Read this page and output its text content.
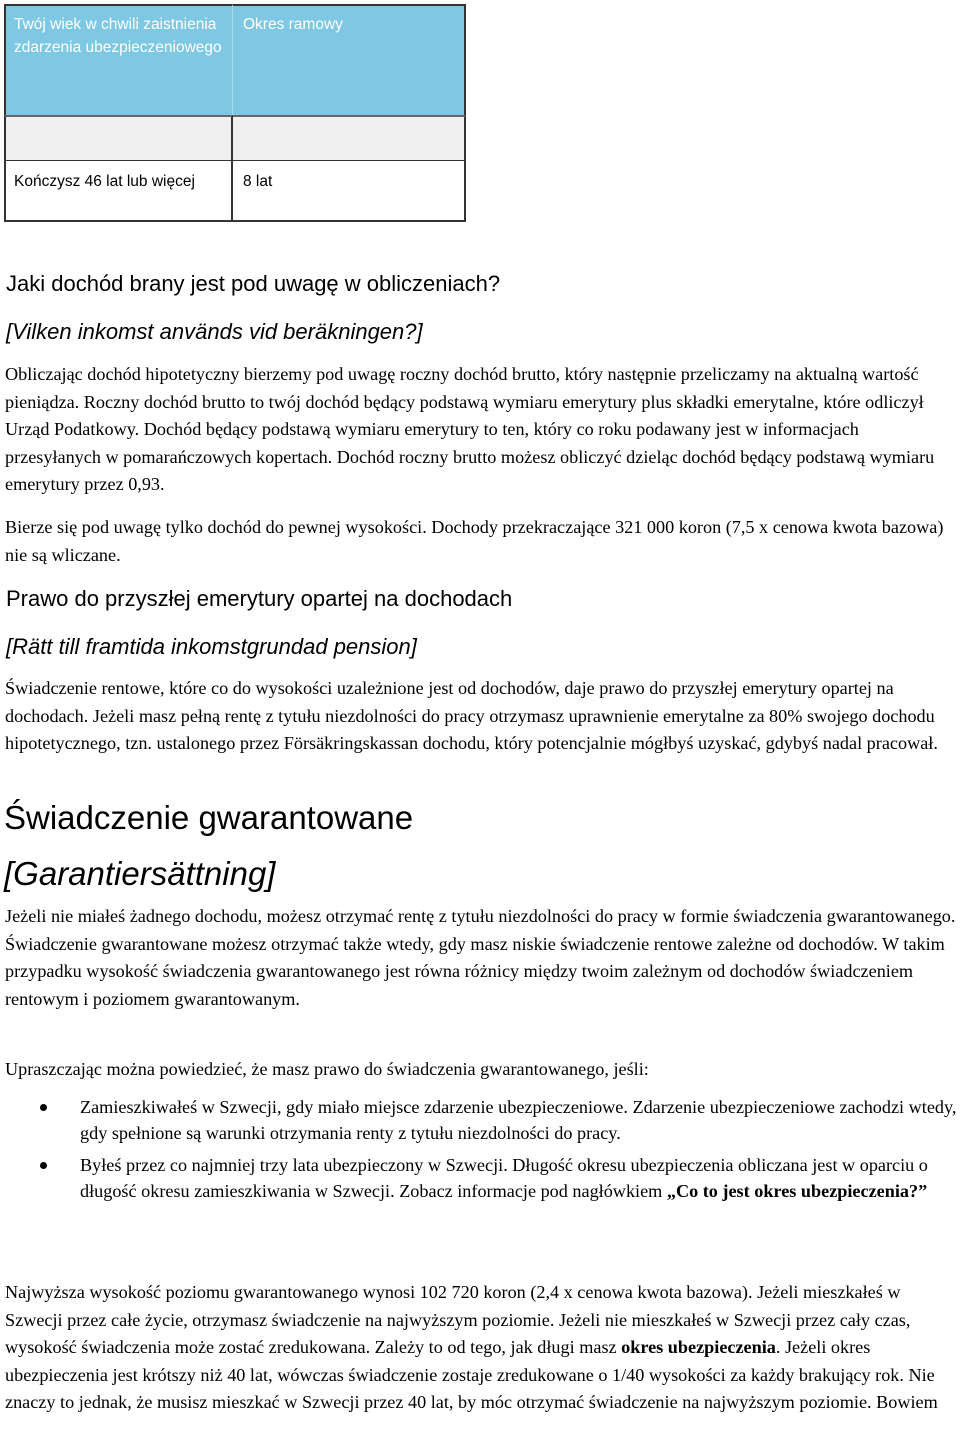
Twój wiek w chwili zaistnienia zdarzenia ubezpieczeniowego
Okres ramowy
Kończysz 46 lat lub więcej	8 lat
Jaki dochód brany jest pod uwagę w obliczeniach?
[Vilken inkomst används vid beräkningen?]

Obliczając dochód hipotetyczny bierzemy pod uwagę roczny dochód brutto, który następnie przeliczamy na aktualną wartość pieniądza. Roczny dochód brutto to twój dochód będący podstawą wymiaru emerytury plus składki emerytalne, które odliczył Urząd Podatkowy. Dochód będący podstawą wymiaru emerytury to ten, który co roku podawany jest w informacjach przesyłanych w pomarańczowych kopertach. Dochód roczny brutto możesz obliczyć dzieląc dochód będący podstawą wymiaru emerytury przez 0,93.

Bierze się pod uwagę tylko dochód do pewnej wysokości. Dochody przekraczające 321 000 koron (7,5 x cenowa kwota bazowa) nie są wliczane.

Prawo do przyszłej emerytury opartej na dochodach
[Rätt till framtida inkomstgrundad pension]

Świadczenie rentowe, które co do wysokości uzależnione jest od dochodów, daje prawo do przyszłej emerytury opartej na dochodach. Jeżeli masz pełną rentę z tytułu niezdolności do pracy otrzymasz uprawnienie emerytalne za 80% swojego dochodu hipotetycznego, tzn. ustalonego przez Försäkringskassan dochodu, który potencjalnie mógłbyś uzyskać, gdybyś nadal pracował.

Świadczenie gwarantowane
[Garantiersättning]

Jeżeli nie miałeś żadnego dochodu, możesz otrzymać rentę z tytułu niezdolności do pracy w formie świadczenia gwarantowanego. Świadczenie gwarantowane możesz otrzymać także wtedy, gdy masz niskie świadczenie rentowe zależne od dochodów. W takim przypadku wysokość świadczenia gwarantowanego jest równa różnicy między twoim zależnym od dochodów świadczeniem rentowym i poziomem gwarantowanym.

Upraszczając można powiedzieć, że masz prawo do świadczenia gwarantowanego, jeśli:

Zamieszkiwałeś w Szwecji, gdy miało miejsce zdarzenie ubezpieczeniowe. Zdarzenie ubezpieczeniowe zachodzi wtedy, gdy spełnione są warunki otrzymania renty z tytułu niezdolności do pracy.
Byłeś przez co najmniej trzy lata ubezpieczony w Szwecji. Długość okresu ubezpieczenia obliczana jest w oparciu o długość okresu zamieszkiwania w Szwecji. Zobacz informacje pod nagłówkiem „Co to jest okres ubezpieczenia?”

Najwyższa wysokość poziomu gwarantowanego wynosi 102 720 koron (2,4 x cenowa kwota bazowa). Jeżeli mieszkałeś w Szwecji przez całe życie, otrzymasz świadczenie na najwyższym poziomie. Jeżeli nie mieszkałeś w Szwecji przez cały czas, wysokość świadczenia może zostać zredukowana. Zależy to od tego, jak długi masz okres ubezpieczenia. Jeżeli okres ubezpieczenia jest krótszy niż 40 lat, wówczas świadczenie zostaje zredukowane o 1/40 wysokości za każdy brakujący rok. Nie znaczy to jednak, że musisz mieszkać w Szwecji przez 40 lat, by móc otrzymać świadczenie na najwyższym poziomie. Bowiem
